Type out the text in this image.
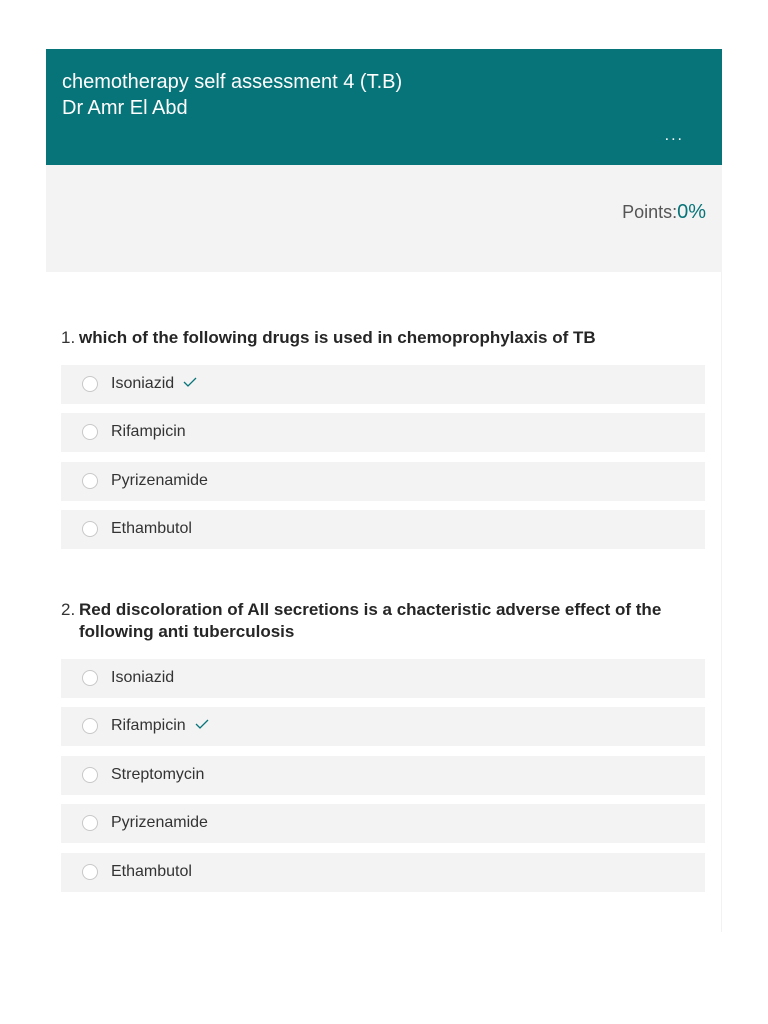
chemotherapy self assessment 4 (T.B)
Dr Amr El Abd
...
Points:0%
1. which of the following drugs is used in chemoprophylaxis of TB
Isoniazid
Rifampicin
Pyrizenamide
Ethambutol
2. Red discoloration of All secretions is a chacteristic adverse effect of the following anti tuberculosis
Isoniazid
Rifampicin
Streptomycin
Pyrizenamide
Ethambutol
